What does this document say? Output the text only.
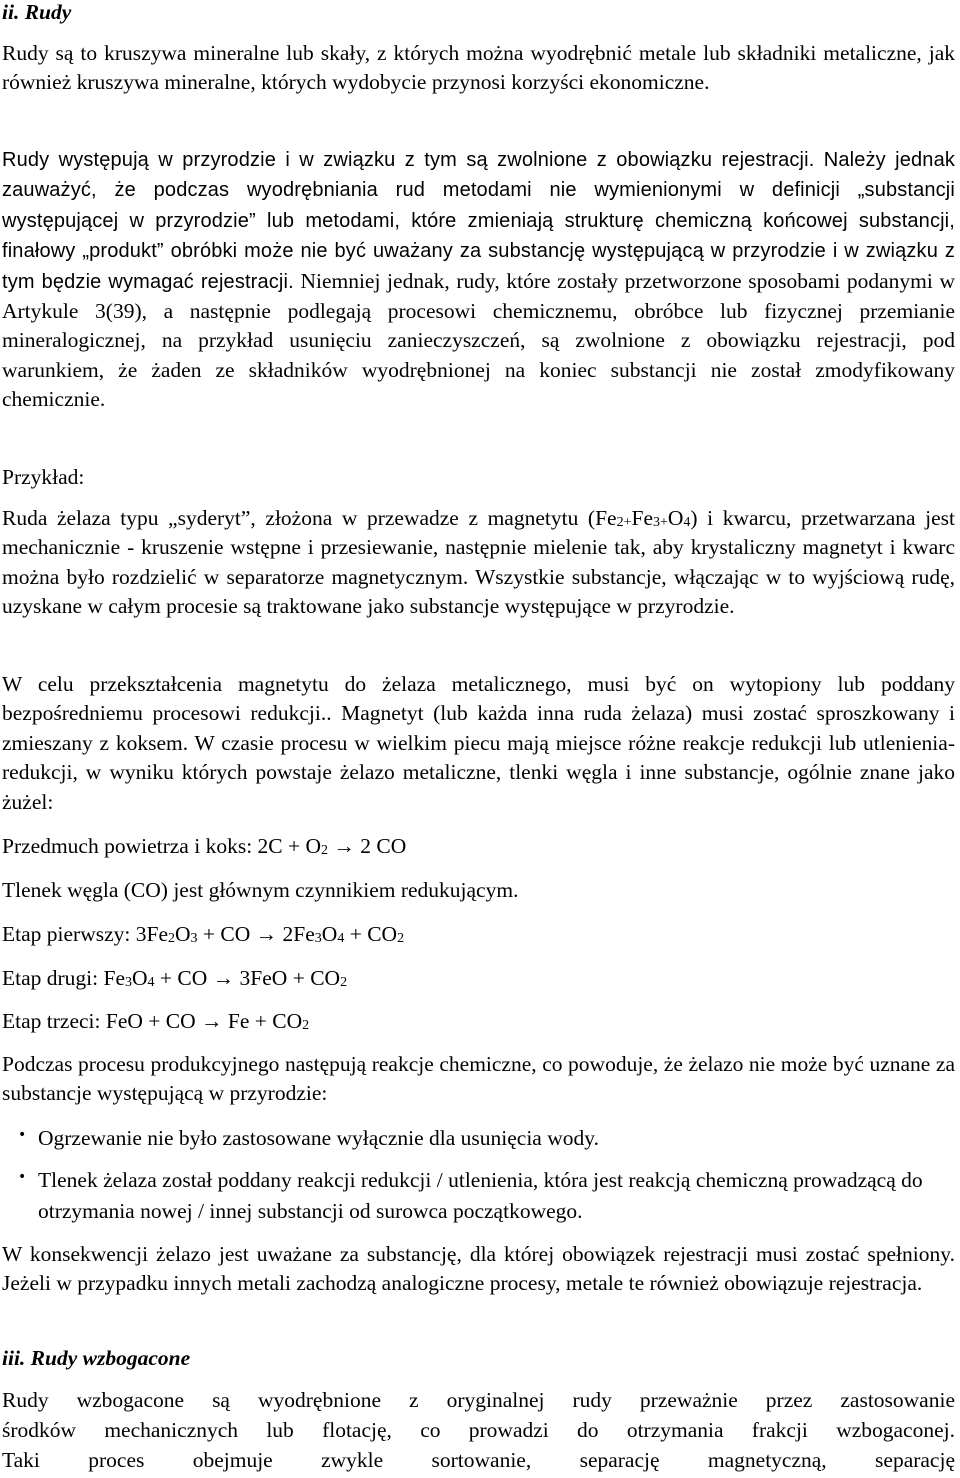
ii. Rudy

Rudy są to kruszywa mineralne lub skały, z których można wyodrębnić metale lub składniki metaliczne, jak również kruszywa mineralne, których wydobycie przynosi korzyści ekonomiczne.

Rudy występują w przyrodzie i w związku z tym są zwolnione z obowiązku rejestracji. Należy jednak zauważyć, że podczas wyodrębniania rud metodami nie wymienionymi w definicji „substancji występującej w przyrodzie” lub metodami, które zmieniają strukturę chemiczną końcowej substancji, finałowy „produkt” obróbki może nie być uważany za substancję występującą w przyrodzie i w związku z tym będzie wymagać rejestracji. Niemniej jednak, rudy, które zostały przetworzone sposobami podanymi w Artykule 3(39), a następnie podlegają procesowi chemicznemu, obróbce lub fizycznej przemianie mineralogicznej, na przykład usunięciu zanieczyszczeń, są zwolnione z obowiązku rejestracji, pod warunkiem, że żaden ze składników wyodrębnionej na koniec substancji nie został zmodyfikowany chemicznie.

Przykład:

Ruda żelaza typu „syderyt”, złożona w przewadze z magnetytu $(Fe_{2+}Fe_{3+}O_4)$ i kwarcu, przetwarzana jest mechanicznie - kruszenie wstępne i przesiewanie, następnie mielenie tak, aby krystaliczny magnetyt i kwarc można było rozdzielić w separatorze magnetycznym. Wszystkie substancje, włączając w to wyjściową rudę, uzyskane w całym procesie są traktowane jako substancje występujące w przyrodzie.

W celu przekształcenia magnetytu do żelaza metalicznego, musi być on wytopiony lub poddany bezpośredniemu procesowi redukcji.. Magnetyt (lub każda inna ruda żelaza) musi zostać sproszkowany i zmieszany z koksem. W czasie procesu w wielkim piecu mają miejsce różne reakcje redukcji lub utlenienia-redukcji, w wyniku których powstaje żelazo metaliczne, tlenki węgla i inne substancje, ogólnie znane jako żużel:

Przedmuch powietrza i koks: $2C + O_2 \to 2$ CO

Tlenek węgla (CO) jest głównym czynnikiem redukującym.

Etap pierwszy: $3Fe_2O_3$ + CO → $2Fe_3O_4 + CO_2$

Etap drugi: $Fe_3O_4$ + CO → $3FeO + CO_2$

Etap trzeci: FeO + CO → $Fe + CO_2$

Podczas procesu produkcyjnego następują reakcje chemiczne, co powoduje, że żelazo nie może być uznane za substancje występującą w przyrodzie:

• Ogrzewanie nie było zastosowane wyłącznie dla usunięcia wody.

• Tlenek żelaza został poddany reakcji redukcji / utlenienia, która jest reakcją chemiczną prowadzącą do otrzymania nowej / innej substancji od surowca początkowego.

W konsekwencji żelazo jest uważane za substancję, dla której obowiązek rejestracji musi zostać spełniony. Jeżeli w przypadku innych metali zachodzą analogiczne procesy, metale te również obowiązuje rejestracja.

iii. Rudy wzbogacone

Rudy wzbogacone są wyodrębnione z oryginalnej rudy przeważnie przez zastosowanie

środków mechanicznych lub flotację, co prowadzi do otrzymania frakcji wzbogaconej.

Taki proces obejmuje zwykle sortowanie, separację magnetyczną, separację
